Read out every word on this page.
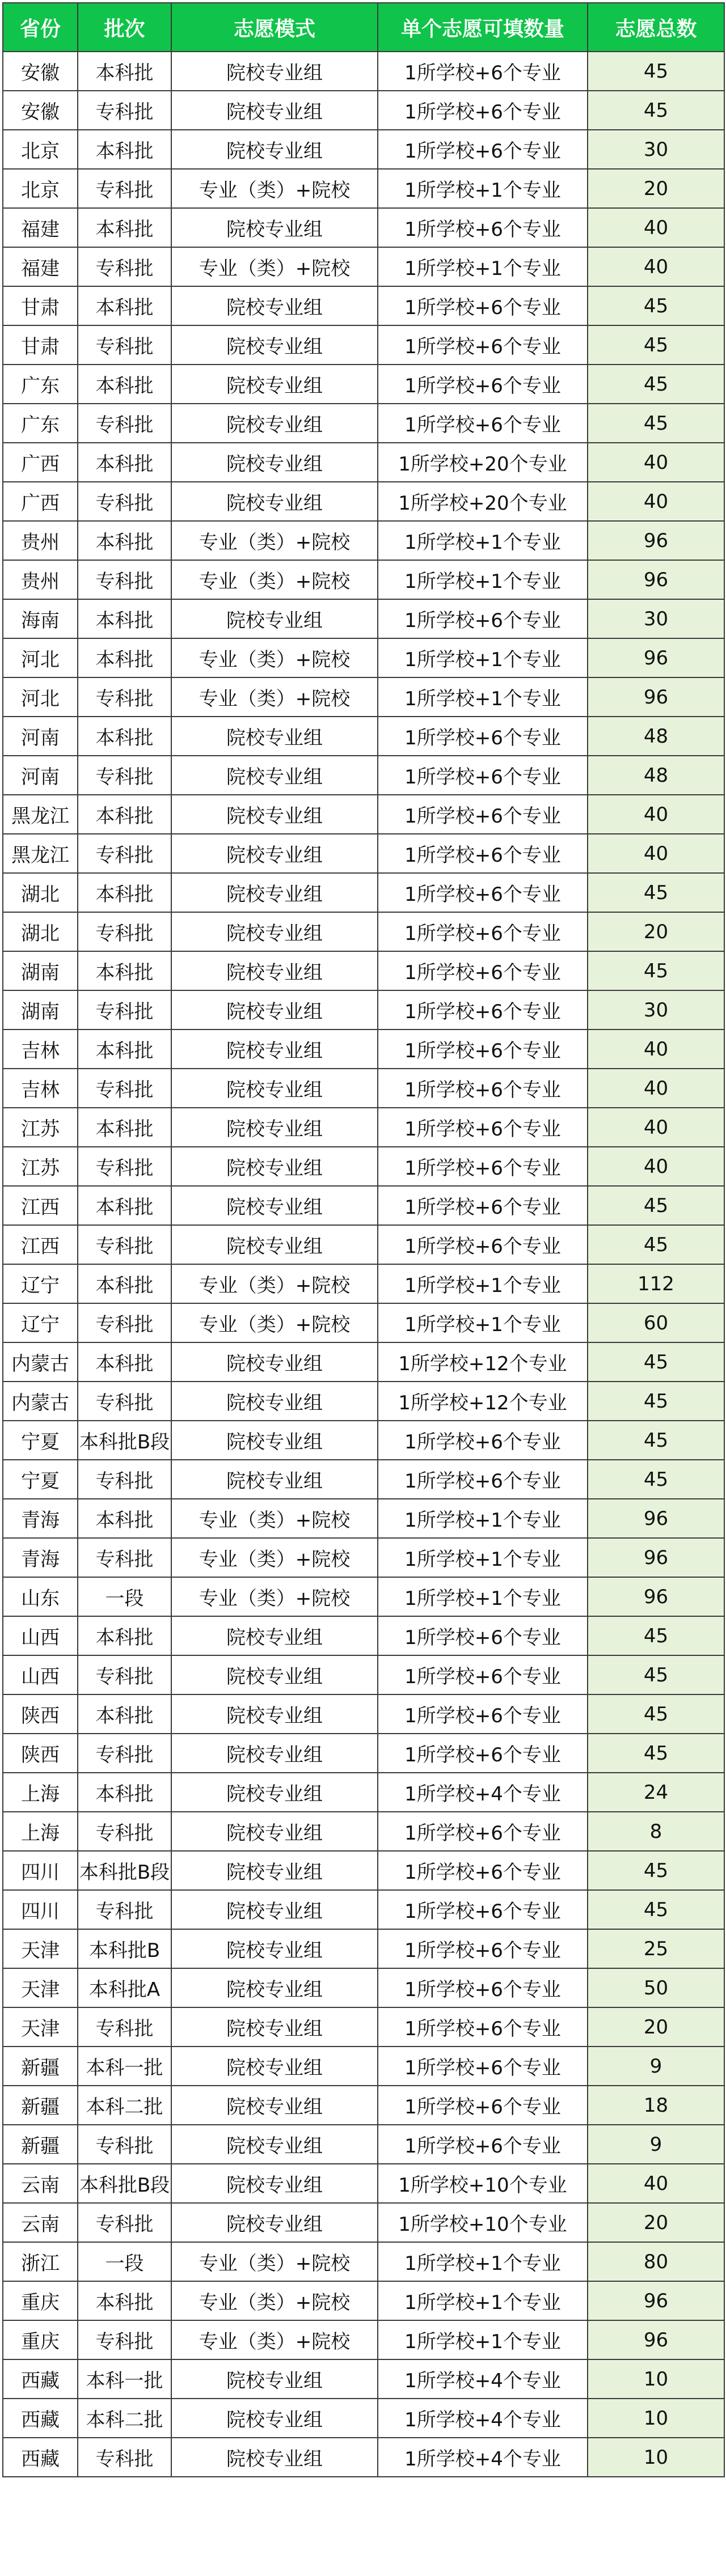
省份	批次	志愿模式	单个志愿可填数量	志愿总数
安徽	本科批	院校专业组	1所学校+6个专业	45
安徽	专科批	院校专业组	1所学校+6个专业	45
北京	本科批	院校专业组	1所学校+6个专业	30
北京	专科批	专业（类）+院校	1所学校+1个专业	20
福建	本科批	院校专业组	1所学校+6个专业	40
福建	专科批	专业（类）+院校	1所学校+1个专业	40
甘肃	本科批	院校专业组	1所学校+6个专业	45
甘肃	专科批	院校专业组	1所学校+6个专业	45
广东	本科批	院校专业组	1所学校+6个专业	45
广东	专科批	院校专业组	1所学校+6个专业	45
广西	本科批	院校专业组	1所学校+20个专业	40
广西	专科批	院校专业组	1所学校+20个专业	40
贵州	本科批	专业（类）+院校	1所学校+1个专业	96
贵州	专科批	专业（类）+院校	1所学校+1个专业	96
海南	本科批	院校专业组	1所学校+6个专业	30
河北	本科批	专业（类）+院校	1所学校+1个专业	96
河北	专科批	专业（类）+院校	1所学校+1个专业	96
河南	本科批	院校专业组	1所学校+6个专业	48
河南	专科批	院校专业组	1所学校+6个专业	48
黑龙江	本科批	院校专业组	1所学校+6个专业	40
黑龙江	专科批	院校专业组	1所学校+6个专业	40
湖北	本科批	院校专业组	1所学校+6个专业	45
湖北	专科批	院校专业组	1所学校+6个专业	20
湖南	本科批	院校专业组	1所学校+6个专业	45
湖南	专科批	院校专业组	1所学校+6个专业	30
吉林	本科批	院校专业组	1所学校+6个专业	40
吉林	专科批	院校专业组	1所学校+6个专业	40
江苏	本科批	院校专业组	1所学校+6个专业	40
江苏	专科批	院校专业组	1所学校+6个专业	40
江西	本科批	院校专业组	1所学校+6个专业	45
江西	专科批	院校专业组	1所学校+6个专业	45
辽宁	本科批	专业（类）+院校	1所学校+1个专业	112
辽宁	专科批	专业（类）+院校	1所学校+1个专业	60
内蒙古	本科批	院校专业组	1所学校+12个专业	45
内蒙古	专科批	院校专业组	1所学校+12个专业	45
宁夏	本科批B段	院校专业组	1所学校+6个专业	45
宁夏	专科批	院校专业组	1所学校+6个专业	45
青海	本科批	专业（类）+院校	1所学校+1个专业	96
青海	专科批	专业（类）+院校	1所学校+1个专业	96
山东	一段	专业（类）+院校	1所学校+1个专业	96
山西	本科批	院校专业组	1所学校+6个专业	45
山西	专科批	院校专业组	1所学校+6个专业	45
陕西	本科批	院校专业组	1所学校+6个专业	45
陕西	专科批	院校专业组	1所学校+6个专业	45
上海	本科批	院校专业组	1所学校+4个专业	24
上海	专科批	院校专业组	1所学校+6个专业	8
四川	本科批B段	院校专业组	1所学校+6个专业	45
四川	专科批	院校专业组	1所学校+6个专业	45
天津	本科批B	院校专业组	1所学校+6个专业	25
天津	本科批A	院校专业组	1所学校+6个专业	50
天津	专科批	院校专业组	1所学校+6个专业	20
新疆	本科一批	院校专业组	1所学校+6个专业	9
新疆	本科二批	院校专业组	1所学校+6个专业	18
新疆	专科批	院校专业组	1所学校+6个专业	9
云南	本科批B段	院校专业组	1所学校+10个专业	40
云南	专科批	院校专业组	1所学校+10个专业	20
浙江	一段	专业（类）+院校	1所学校+1个专业	80
重庆	本科批	专业（类）+院校	1所学校+1个专业	96
重庆	专科批	专业（类）+院校	1所学校+1个专业	96
西藏	本科一批	院校专业组	1所学校+4个专业	10
西藏	本科二批	院校专业组	1所学校+4个专业	10
西藏	专科批	院校专业组	1所学校+4个专业	10
